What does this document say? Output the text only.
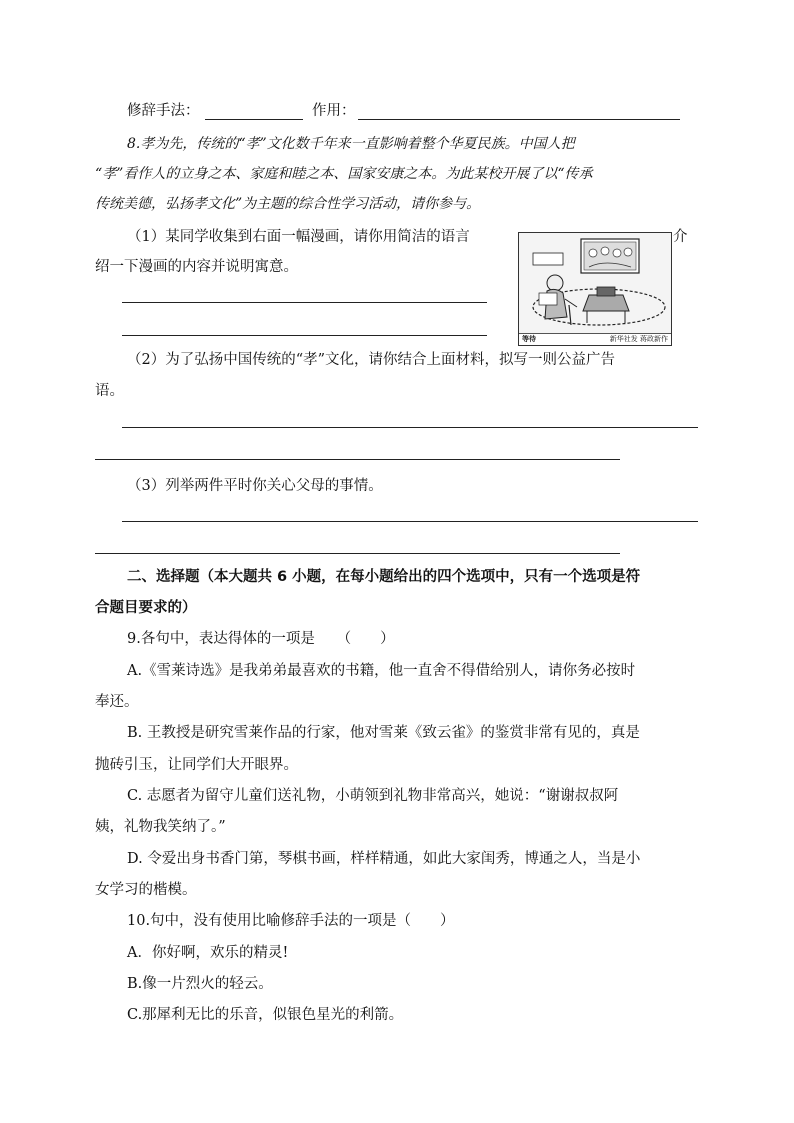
修辞手法：	作用：
8.孝为先，传统的“孝”文化数千年来一直影响着整个华夏民族。中国人把
“孝”看作人的立身之本、家庭和睦之本、国家安康之本。为此某校开展了以“传承
传统美德，弘扬孝文化”为主题的综合性学习活动，请你参与。
（1）某同学收集到右面一幅漫画，请你用简洁的语言	介
绍一下漫画的内容并说明寓意。
等待	新华社发 蒋政新作
（2）为了弘扬中国传统的“孝”文化，请你结合上面材料，拟写一则公益广告
语。
（3）列举两件平时你关心父母的事情。
二、选择题（本大题共 6 小题，在每小题给出的四个选项中，只有一个选项是符
合题目要求的）
9.各句中，表达得体的一项是　　（　　）
A.《雪莱诗选》是我弟弟最喜欢的书籍，他一直舍不得借给别人，请你务必按时
奉还。
B. 王教授是研究雪莱作品的行家，他对雪莱《致云雀》的鉴赏非常有见的，真是
抛砖引玉，让同学们大开眼界。
C. 志愿者为留守儿童们送礼物，小萌领到礼物非常高兴，她说：“谢谢叔叔阿
姨，礼物我笑纳了。”
D. 令爱出身书香门第，琴棋书画，样样精通，如此大家闺秀，博通之人，当是小
女学习的楷模。
10.句中，没有使用比喻修辞手法的一项是（　　）
A．你好啊，欢乐的精灵!
B.像一片烈火的轻云。
C.那犀利无比的乐音，似银色星光的利箭。
